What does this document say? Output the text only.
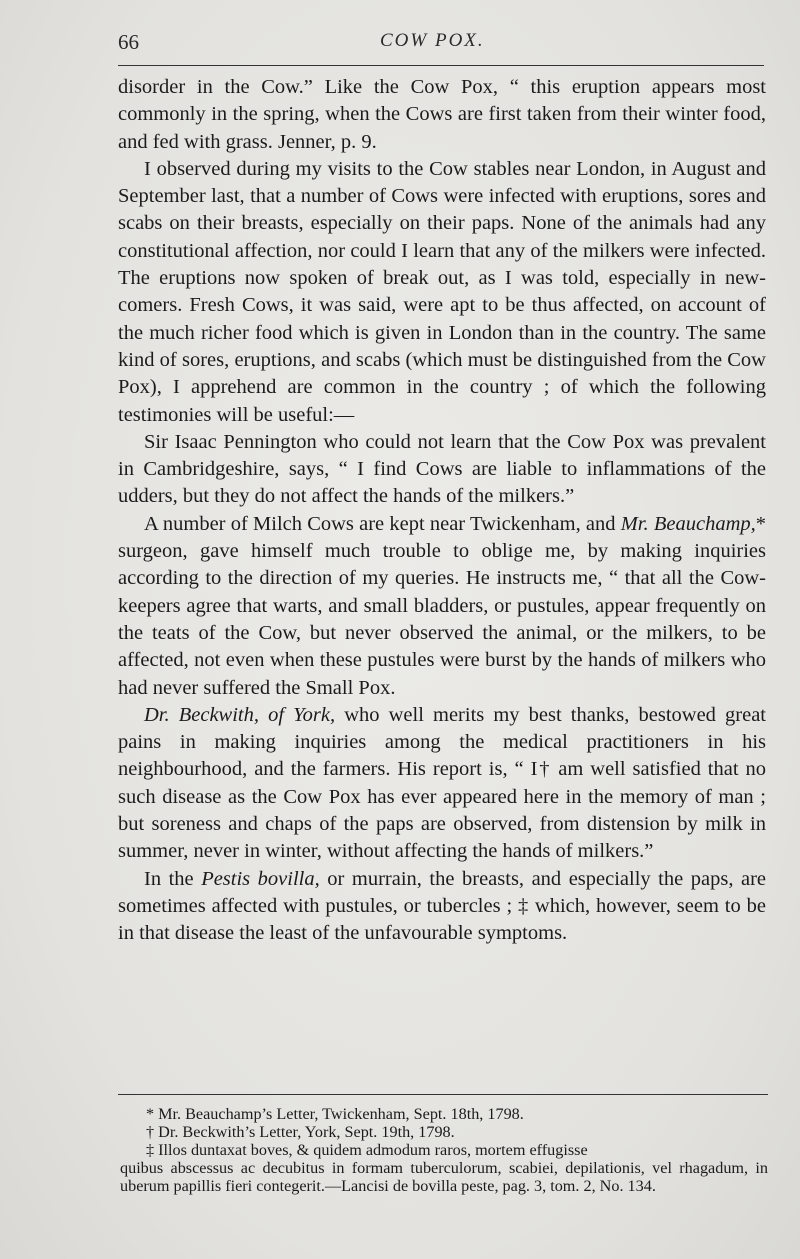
66	COW POX.

disorder in the Cow.” Like the Cow Pox, “ this eruption appears most commonly in the spring, when the Cows are first taken from their winter food, and fed with grass. Jenner, p. 9.

I observed during my visits to the Cow stables near London, in August and September last, that a number of Cows were infected with eruptions, sores and scabs on their breasts, especially on their paps. None of the animals had any constitutional affection, nor could I learn that any of the milkers were infected. The eruptions now spoken of break out, as I was told, especially in new-comers. Fresh Cows, it was said, were apt to be thus affected, on account of the much richer food which is given in London than in the country. The same kind of sores, eruptions, and scabs (which must be distinguished from the Cow Pox), I apprehend are common in the country ; of which the following testimonies will be useful:—

Sir Isaac Pennington who could not learn that the Cow Pox was prevalent in Cambridgeshire, says, “ I find Cows are liable to inflammations of the udders, but they do not affect the hands of the milkers.”

A number of Milch Cows are kept near Twickenham, and Mr. Beauchamp,* surgeon, gave himself much trouble to oblige me, by making inquiries according to the direction of my queries. He instructs me, “ that all the Cow-keepers agree that warts, and small bladders, or pustules, appear frequently on the teats of the Cow, but never observed the animal, or the milkers, to be affected, not even when these pustules were burst by the hands of milkers who had never suffered the Small Pox.

Dr. Beckwith, of York, who well merits my best thanks, bestowed great pains in making inquiries among the medical practitioners in his neighbourhood, and the farmers. His report is, “ I† am well satisfied that no such disease as the Cow Pox has ever appeared here in the memory of man ; but soreness and chaps of the paps are observed, from distension by milk in summer, never in winter, without affecting the hands of milkers.”

In the Pestis bovilla, or murrain, the breasts, and especially the paps, are sometimes affected with pustules, or tubercles ; ‡ which, however, seem to be in that disease the least of the unfavourable symptoms.

* Mr. Beauchamp’s Letter, Twickenham, Sept. 18th, 1798.

† Dr. Beckwith’s Letter, York, Sept. 19th, 1798.

‡ Illos duntaxat boves, & quidem admodum raros, mortem effugisse

quibus abscessus ac decubitus in formam tuberculorum, scabiei, depilationis, vel rhagadum, in uberum papillis fieri contegerit.—Lancisi de bovilla peste, pag. 3, tom. 2, No. 134.
